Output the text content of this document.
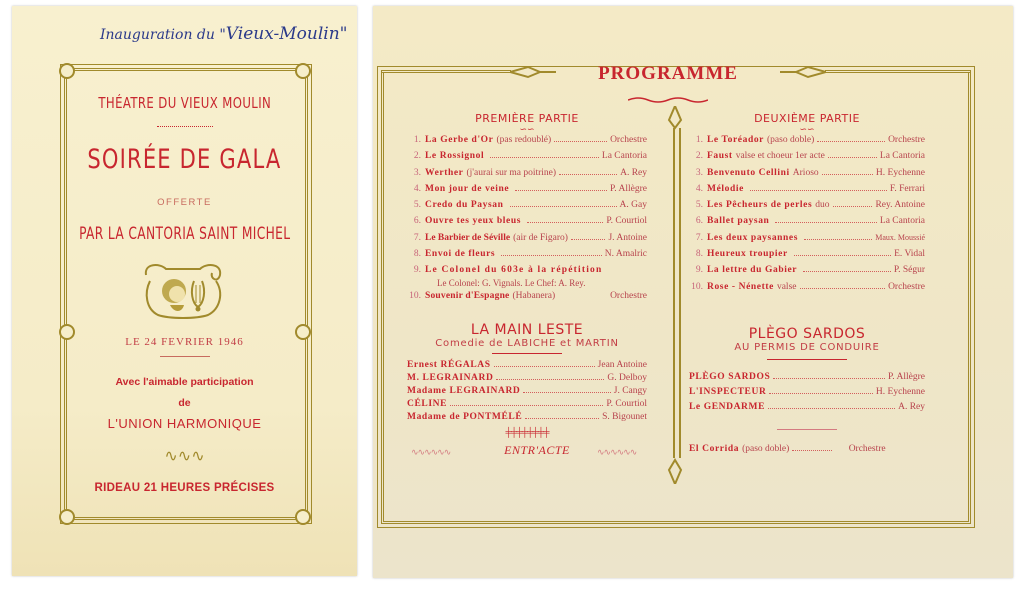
Inauguration du "Vieux-Moulin"
THÉATRE DU VIEUX MOULIN
SOIRÉE DE GALA
OFFERTE
PAR LA CANTORIA SAINT MICHEL
LE 24 FEVRIER 1946
Avec l'aimable participation
de
L'UNION HARMONIQUE
∿∿∿
RIDEAU 21 HEURES PRÉCISES
PROGRAMME
PREMIÈRE PARTIE
∽∽
1. La Gerbe d'Or (pas redoublé)	Orchestre
2. Le Rossignol	La Cantoria
3. Werther (j'aurai sur ma poitrine)	A. Rey
4. Mon jour de veine	P. Allègre
5. Credo du Paysan	A. Gay
6. Ouvre tes yeux bleus	P. Courtiol
7. Le Barbier de Séville (air de Figaro)	J. Antoine
8. Envoi de fleurs	N. Amalric
9. Le Colonel du 603e à la répétition
Le Colonel: G. Vignals. Le Chef: A. Rey.
10. Souvenir d'Espagne (Habanera)	Orchestre
LA MAIN LESTE
Comedie de LABICHE et MARTIN
Ernest RÉGALAS	Jean Antoine
M. LEGRAINARD	G. Delboy
Madame LEGRAINARD	J. Cangy
CÉLINE	P. Courtiol
Madame de PONTMÉLÉ	S. Bigounet
╪╪╪╪╪╪╪╪
∿∿∿∿∿∿	ENTR'ACTE	∿∿∿∿∿∿
DEUXIÈME PARTIE
∽∽
1. Le Toréador (paso doble)	Orchestre
2. Faust valse et choeur 1er acte	La Cantoria
3. Benvenuto Cellini Arioso	H. Eychenne
4. Mélodie	F. Ferrari
5. Les Pêcheurs de perles duo	Rey. Antoine
6. Ballet paysan	La Cantoria
7. Les deux paysannes	Maux. Moussié
8. Heureux troupier	E. Vidal
9. La lettre du Gabier	P. Ségur
10. Rose - Nénette valse	Orchestre
PLÈGO SARDOS
AU PERMIS DE CONDUIRE
PLÈGO SARDOS	P. Allègre
L'INSPECTEUR	H. Eychenne
Le GENDARME	A. Rey
El Corrida (paso doble)	Orchestre
